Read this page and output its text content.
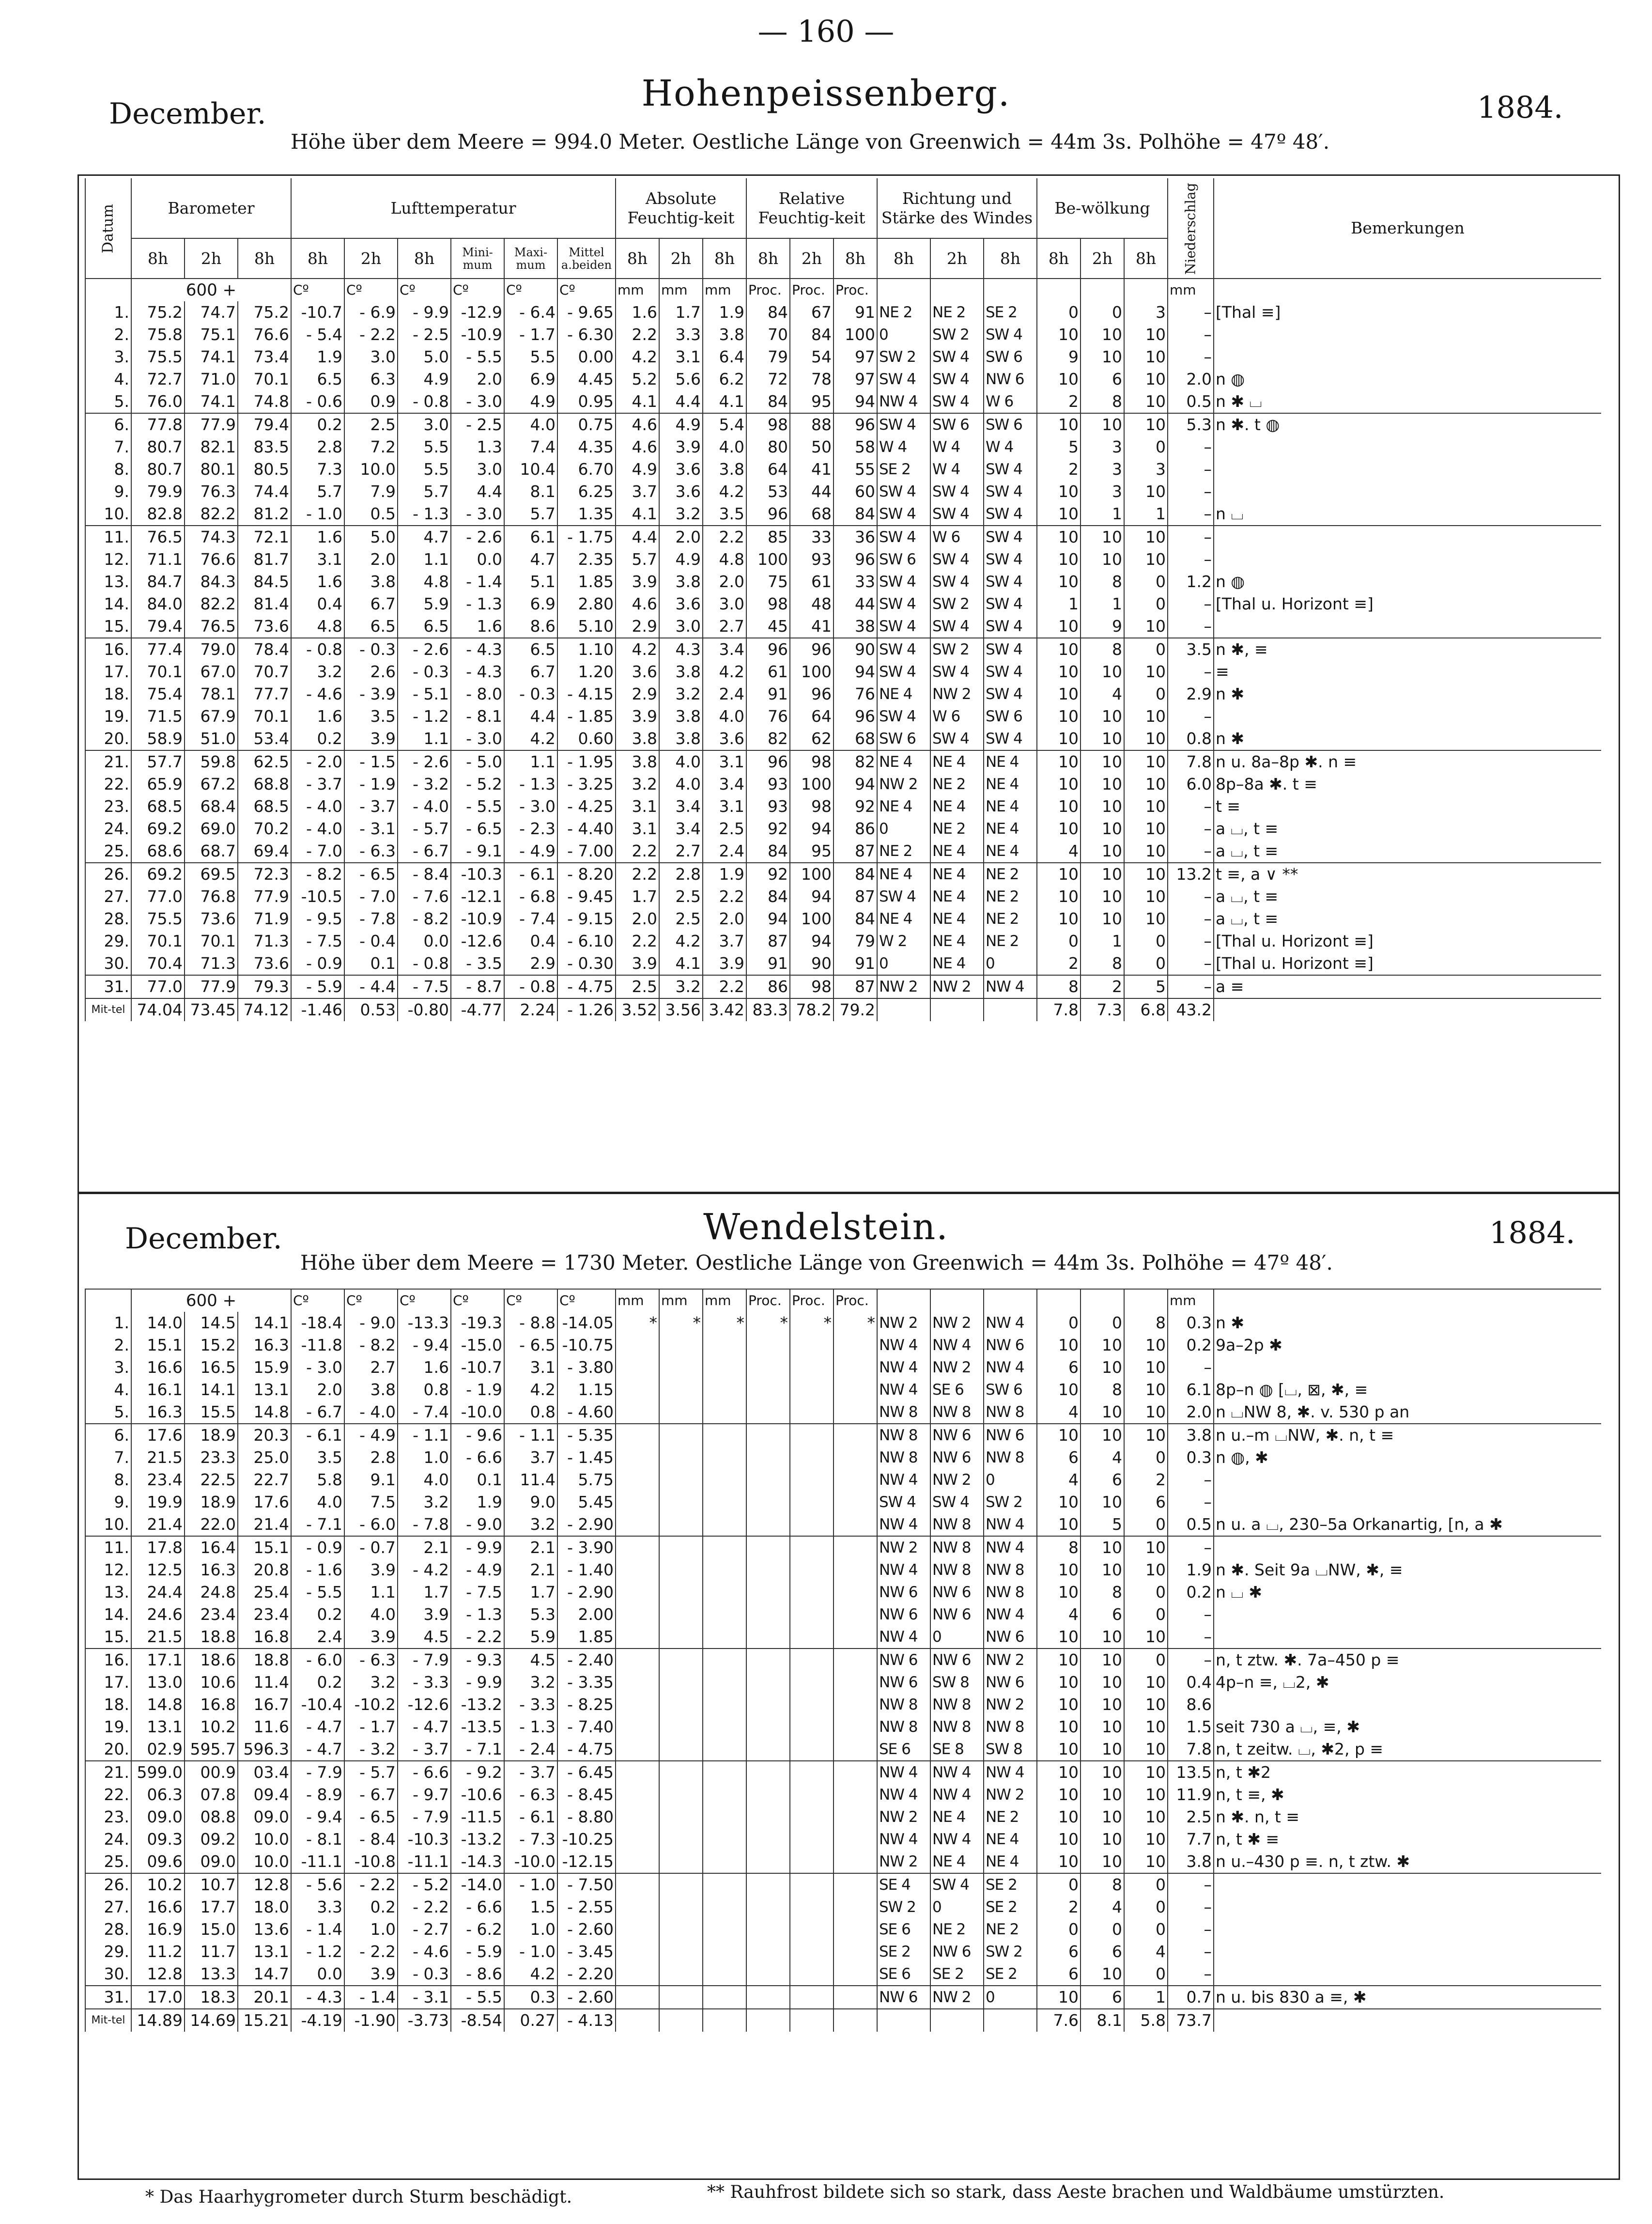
— 160 —
December.	Hohenpeissenberg.	1884.
Höhe über dem Meere = 994.0 Meter. Oestliche Länge von Greenwich = 44m 3s. Polhöhe = 47º 48′.
December.	Wendelstein.	1884.
Höhe über dem Meere = 1730 Meter. Oestliche Länge von Greenwich = 44m 3s. Polhöhe = 47º 48′.
Datum	Barometer			Lufttemperatur						Absolute Feuchtig-keit			Relative Feuchtig-keit			Richtung und Stärke des Windes			Be-wölkung			Niederschlag	Bemerkungen
	8h	2h	8h	8h	2h	8h	Mini-mum	Maxi-mum	Mittel a.beiden	8h	2h	8h	8h	2h	8h	8h	2h	8h	8h	2h	8h		
	600 +			Cº	Cº	Cº	Cº	Cº	Cº	mm	mm	mm	Proc.	Proc.	Proc.							mm	
1.	75.2	74.7	75.2	-10.7	- 6.9	- 9.9	-12.9	- 6.4	- 9.65	1.6	1.7	1.9	84	67	91	NE 2	NE 2	SE 2	0	0	3	–	[Thal ≡]
2.	75.8	75.1	76.6	- 5.4	- 2.2	- 2.5	-10.9	- 1.7	- 6.30	2.2	3.3	3.8	70	84	100	0	SW 2	SW 4	10	10	10	–	
3.	75.5	74.1	73.4	1.9	3.0	5.0	- 5.5	5.5	0.00	4.2	3.1	6.4	79	54	97	SW 2	SW 4	SW 6	9	10	10	–	
4.	72.7	71.0	70.1	6.5	6.3	4.9	2.0	6.9	4.45	5.2	5.6	6.2	72	78	97	SW 4	SW 4	NW 6	10	6	10	2.0	n ◍
5.	76.0	74.1	74.8	- 0.6	0.9	- 0.8	- 3.0	4.9	0.95	4.1	4.4	4.1	84	95	94	NW 4	SW 4	W 6	2	8	10	0.5	n ✱ ⌴
6.	77.8	77.9	79.4	0.2	2.5	3.0	- 2.5	4.0	0.75	4.6	4.9	5.4	98	88	96	SW 4	SW 6	SW 6	10	10	10	5.3	n ✱. t ◍
7.	80.7	82.1	83.5	2.8	7.2	5.5	1.3	7.4	4.35	4.6	3.9	4.0	80	50	58	W 4	W 4	W 4	5	3	0	–	
8.	80.7	80.1	80.5	7.3	10.0	5.5	3.0	10.4	6.70	4.9	3.6	3.8	64	41	55	SE 2	W 4	SW 4	2	3	3	–	
9.	79.9	76.3	74.4	5.7	7.9	5.7	4.4	8.1	6.25	3.7	3.6	4.2	53	44	60	SW 4	SW 4	SW 4	10	3	10	–	
10.	82.8	82.2	81.2	- 1.0	0.5	- 1.3	- 3.0	5.7	1.35	4.1	3.2	3.5	96	68	84	SW 4	SW 4	SW 4	10	1	1	–	n ⌴
11.	76.5	74.3	72.1	1.6	5.0	4.7	- 2.6	6.1	- 1.75	4.4	2.0	2.2	85	33	36	SW 4	W 6	SW 4	10	10	10	–	
12.	71.1	76.6	81.7	3.1	2.0	1.1	0.0	4.7	2.35	5.7	4.9	4.8	100	93	96	SW 6	SW 4	SW 4	10	10	10	–	
13.	84.7	84.3	84.5	1.6	3.8	4.8	- 1.4	5.1	1.85	3.9	3.8	2.0	75	61	33	SW 4	SW 4	SW 4	10	8	0	1.2	n ◍
14.	84.0	82.2	81.4	0.4	6.7	5.9	- 1.3	6.9	2.80	4.6	3.6	3.0	98	48	44	SW 4	SW 2	SW 4	1	1	0	–	[Thal u. Horizont ≡]
15.	79.4	76.5	73.6	4.8	6.5	6.5	1.6	8.6	5.10	2.9	3.0	2.7	45	41	38	SW 4	SW 4	SW 4	10	9	10	–	
16.	77.4	79.0	78.4	- 0.8	- 0.3	- 2.6	- 4.3	6.5	1.10	4.2	4.3	3.4	96	96	90	SW 4	SW 2	SW 4	10	8	0	3.5	n ✱, ≡
17.	70.1	67.0	70.7	3.2	2.6	- 0.3	- 4.3	6.7	1.20	3.6	3.8	4.2	61	100	94	SW 4	SW 4	SW 4	10	10	10	–	≡
18.	75.4	78.1	77.7	- 4.6	- 3.9	- 5.1	- 8.0	- 0.3	- 4.15	2.9	3.2	2.4	91	96	76	NE 4	NW 2	SW 4	10	4	0	2.9	n ✱
19.	71.5	67.9	70.1	1.6	3.5	- 1.2	- 8.1	4.4	- 1.85	3.9	3.8	4.0	76	64	96	SW 4	W 6	SW 6	10	10	10	–	
20.	58.9	51.0	53.4	0.2	3.9	1.1	- 3.0	4.2	0.60	3.8	3.8	3.6	82	62	68	SW 6	SW 4	SW 4	10	10	10	0.8	n ✱
21.	57.7	59.8	62.5	- 2.0	- 1.5	- 2.6	- 5.0	1.1	- 1.95	3.8	4.0	3.1	96	98	82	NE 4	NE 4	NE 4	10	10	10	7.8	n u. 8a–8p ✱. n ≡
22.	65.9	67.2	68.8	- 3.7	- 1.9	- 3.2	- 5.2	- 1.3	- 3.25	3.2	4.0	3.4	93	100	94	NW 2	NE 2	NE 4	10	10	10	6.0	8p–8a ✱. t ≡
23.	68.5	68.4	68.5	- 4.0	- 3.7	- 4.0	- 5.5	- 3.0	- 4.25	3.1	3.4	3.1	93	98	92	NE 4	NE 4	NE 4	10	10	10	–	t ≡
24.	69.2	69.0	70.2	- 4.0	- 3.1	- 5.7	- 6.5	- 2.3	- 4.40	3.1	3.4	2.5	92	94	86	0	NE 2	NE 4	10	10	10	–	a ⌴, t ≡
25.	68.6	68.7	69.4	- 7.0	- 6.3	- 6.7	- 9.1	- 4.9	- 7.00	2.2	2.7	2.4	84	95	87	NE 2	NE 4	NE 4	4	10	10	–	a ⌴, t ≡
26.	69.2	69.5	72.3	- 8.2	- 6.5	- 8.4	-10.3	- 6.1	- 8.20	2.2	2.8	1.9	92	100	84	NE 4	NE 4	NE 2	10	10	10	13.2	t ≡, a ∨ **
27.	77.0	76.8	77.9	-10.5	- 7.0	- 7.6	-12.1	- 6.8	- 9.45	1.7	2.5	2.2	84	94	87	SW 4	NE 4	NE 2	10	10	10	–	a ⌴, t ≡
28.	75.5	73.6	71.9	- 9.5	- 7.8	- 8.2	-10.9	- 7.4	- 9.15	2.0	2.5	2.0	94	100	84	NE 4	NE 4	NE 2	10	10	10	–	a ⌴, t ≡
29.	70.1	70.1	71.3	- 7.5	- 0.4	0.0	-12.6	0.4	- 6.10	2.2	4.2	3.7	87	94	79	W 2	NE 4	NE 2	0	1	0	–	[Thal u. Horizont ≡]
30.	70.4	71.3	73.6	- 0.9	0.1	- 0.8	- 3.5	2.9	- 0.30	3.9	4.1	3.9	91	90	91	0	NE 4	0	2	8	0	–	[Thal u. Horizont ≡]
31.	77.0	77.9	79.3	- 5.9	- 4.4	- 7.5	- 8.7	- 0.8	- 4.75	2.5	3.2	2.2	86	98	87	NW 2	NW 2	NW 4	8	2	5	–	a ≡
Mit-tel	74.04	73.45	74.12	-1.46	0.53	-0.80	-4.77	2.24	- 1.26	3.52	3.56	3.42	83.3	78.2	79.2				7.8	7.3	6.8	43.2	
	600 +			Cº	Cº	Cº	Cº	Cº	Cº	mm	mm	mm	Proc.	Proc.	Proc.							mm	
1.	14.0	14.5	14.1	-18.4	- 9.0	-13.3	-19.3	- 8.8	-14.05	*	*	*	*	*	*	NW 2	NW 2	NW 4	0	0	8	0.3	n ✱
2.	15.1	15.2	16.3	-11.8	- 8.2	- 9.4	-15.0	- 6.5	-10.75							NW 4	NW 4	NW 6	10	10	10	0.2	9a–2p ✱
3.	16.6	16.5	15.9	- 3.0	2.7	1.6	-10.7	3.1	- 3.80							NW 4	NW 2	NW 4	6	10	10	–	
4.	16.1	14.1	13.1	2.0	3.8	0.8	- 1.9	4.2	1.15							NW 4	SE 6	SW 6	10	8	10	6.1	8p–n ◍ [⌴, ⊠, ✱, ≡
5.	16.3	15.5	14.8	- 6.7	- 4.0	- 7.4	-10.0	0.8	- 4.60							NW 8	NW 8	NW 8	4	10	10	2.0	n ⌴NW 8, ✱. v. 530 p an
6.	17.6	18.9	20.3	- 6.1	- 4.9	- 1.1	- 9.6	- 1.1	- 5.35							NW 8	NW 6	NW 6	10	10	10	3.8	n u.–m ⌴NW, ✱. n, t ≡
7.	21.5	23.3	25.0	3.5	2.8	1.0	- 6.6	3.7	- 1.45							NW 8	NW 6	NW 8	6	4	0	0.3	n ◍, ✱
8.	23.4	22.5	22.7	5.8	9.1	4.0	0.1	11.4	5.75							NW 4	NW 2	0	4	6	2	–	
9.	19.9	18.9	17.6	4.0	7.5	3.2	1.9	9.0	5.45							SW 4	SW 4	SW 2	10	10	6	–	
10.	21.4	22.0	21.4	- 7.1	- 6.0	- 7.8	- 9.0	3.2	- 2.90							NW 4	NW 8	NW 4	10	5	0	0.5	n u. a ⌴, 230–5a Orkanartig, [n, a ✱
11.	17.8	16.4	15.1	- 0.9	- 0.7	2.1	- 9.9	2.1	- 3.90							NW 2	NW 8	NW 4	8	10	10	–	
12.	12.5	16.3	20.8	- 1.6	3.9	- 4.2	- 4.9	2.1	- 1.40							NW 4	NW 8	NW 8	10	10	10	1.9	n ✱. Seit 9a ⌴NW, ✱, ≡
13.	24.4	24.8	25.4	- 5.5	1.1	1.7	- 7.5	1.7	- 2.90							NW 6	NW 6	NW 8	10	8	0	0.2	n ⌴ ✱
14.	24.6	23.4	23.4	0.2	4.0	3.9	- 1.3	5.3	2.00							NW 6	NW 6	NW 4	4	6	0	–	
15.	21.5	18.8	16.8	2.4	3.9	4.5	- 2.2	5.9	1.85							NW 4	0	NW 6	10	10	10	–	
16.	17.1	18.6	18.8	- 6.0	- 6.3	- 7.9	- 9.3	4.5	- 2.40							NW 6	NW 6	NW 2	10	10	0	–	n, t ztw. ✱. 7a–450 p ≡
17.	13.0	10.6	11.4	0.2	3.2	- 3.3	- 9.9	3.2	- 3.35							NW 6	SW 8	NW 6	10	10	10	0.4	4p–n ≡, ⌴2, ✱
18.	14.8	16.8	16.7	-10.4	-10.2	-12.6	-13.2	- 3.3	- 8.25							NW 8	NW 8	NW 2	10	10	10	8.6	
19.	13.1	10.2	11.6	- 4.7	- 1.7	- 4.7	-13.5	- 1.3	- 7.40							NW 8	NW 8	NW 8	10	10	10	1.5	seit 730 a ⌴, ≡, ✱
20.	02.9	595.7	596.3	- 4.7	- 3.2	- 3.7	- 7.1	- 2.4	- 4.75							SE 6	SE 8	SW 8	10	10	10	7.8	n, t zeitw. ⌴, ✱2, p ≡
21.	599.0	00.9	03.4	- 7.9	- 5.7	- 6.6	- 9.2	- 3.7	- 6.45							NW 4	NW 4	NW 4	10	10	10	13.5	n, t ✱2
22.	06.3	07.8	09.4	- 8.9	- 6.7	- 9.7	-10.6	- 6.3	- 8.45							NW 4	NW 4	NW 2	10	10	10	11.9	n, t ≡, ✱
23.	09.0	08.8	09.0	- 9.4	- 6.5	- 7.9	-11.5	- 6.1	- 8.80							NW 2	NE 4	NE 2	10	10	10	2.5	n ✱. n, t ≡
24.	09.3	09.2	10.0	- 8.1	- 8.4	-10.3	-13.2	- 7.3	-10.25							NW 4	NW 4	NE 4	10	10	10	7.7	n, t ✱ ≡
25.	09.6	09.0	10.0	-11.1	-10.8	-11.1	-14.3	-10.0	-12.15							NW 2	NE 4	NE 4	10	10	10	3.8	n u.–430 p ≡. n, t ztw. ✱
26.	10.2	10.7	12.8	- 5.6	- 2.2	- 5.2	-14.0	- 1.0	- 7.50							SE 4	SW 4	SE 2	0	8	0	–	
27.	16.6	17.7	18.0	3.3	0.2	- 2.2	- 6.6	1.5	- 2.55							SW 2	0	SE 2	2	4	0	–	
28.	16.9	15.0	13.6	- 1.4	1.0	- 2.7	- 6.2	1.0	- 2.60							SE 6	NE 2	NE 2	0	0	0	–	
29.	11.2	11.7	13.1	- 1.2	- 2.2	- 4.6	- 5.9	- 1.0	- 3.45							SE 2	NW 6	SW 2	6	6	4	–	
30.	12.8	13.3	14.7	0.0	3.9	- 0.3	- 8.6	4.2	- 2.20							SE 6	SE 2	SE 2	6	10	0	–	
31.	17.0	18.3	20.1	- 4.3	- 1.4	- 3.1	- 5.5	0.3	- 2.60							NW 6	NW 2	0	10	6	1	0.7	n u. bis 830 a ≡, ✱
Mit-tel	14.89	14.69	15.21	-4.19	-1.90	-3.73	-8.54	0.27	- 4.13										7.6	8.1	5.8	73.7	
* Das Haarhygrometer durch Sturm beschädigt.	** Rauhfrost bildete sich so stark, dass Aeste brachen und Waldbäume umstürzten.
